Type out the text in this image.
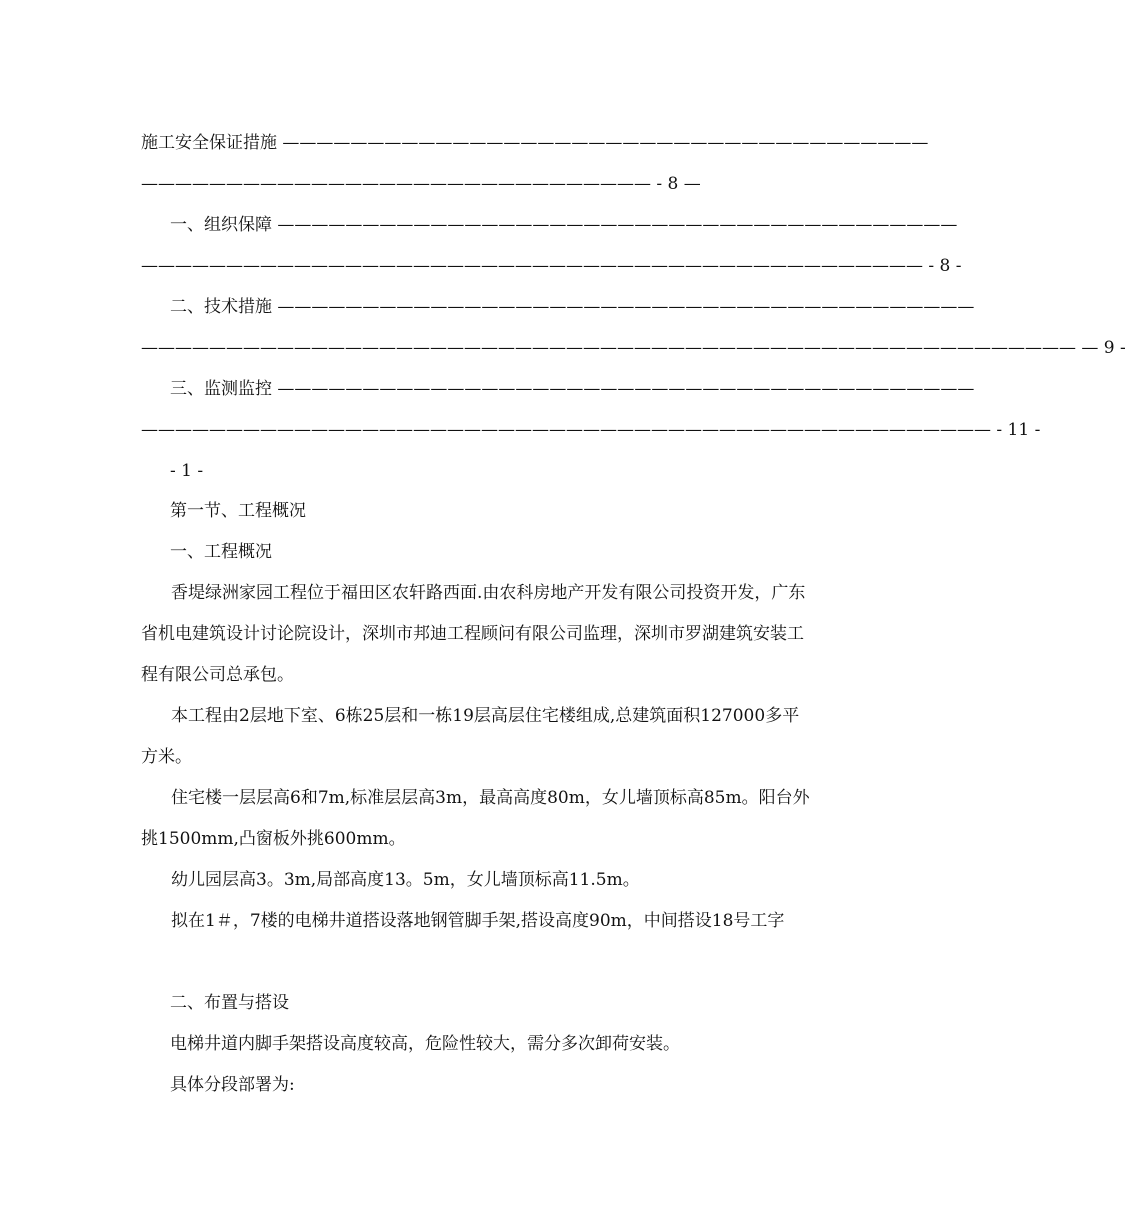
施工安全保证措施 ——————————————————————————————————————
—————————————————————————————— - 8 —
一、组织保障 ————————————————————————————————————————
—————————————————————————————————————————————— - 8 -
二、技术措施 —————————————————————————————————————————
——————————————————————————————————————————————————————— — 9 -
三、监测监控 —————————————————————————————————————————
—————————————————————————————————————————————————— - 11 -
- 1 -
第一节、工程概况
一、工程概况
香堤绿洲家园工程位于福田区农轩路西面.由农科房地产开发有限公司投资开发，广东省机电建筑设计讨论院设计，深圳市邦迪工程顾问有限公司监理，深圳市罗湖建筑安装工程有限公司总承包。
本工程由2层地下室、6栋25层和一栋19层高层住宅楼组成,总建筑面积127000多平方米。
住宅楼一层层高6和7m,标准层层高3m，最高高度80m，女儿墙顶标高85m。阳台外挑1500mm,凸窗板外挑600mm。
幼儿园层高3。3m,局部高度13。5m，女儿墙顶标高11.5m。
拟在1＃，7楼的电梯井道搭设落地钢管脚手架,搭设高度90m，中间搭设18号工字
二、布置与搭设
电梯井道内脚手架搭设高度较高，危险性较大，需分多次卸荷安装。
具体分段部署为:
